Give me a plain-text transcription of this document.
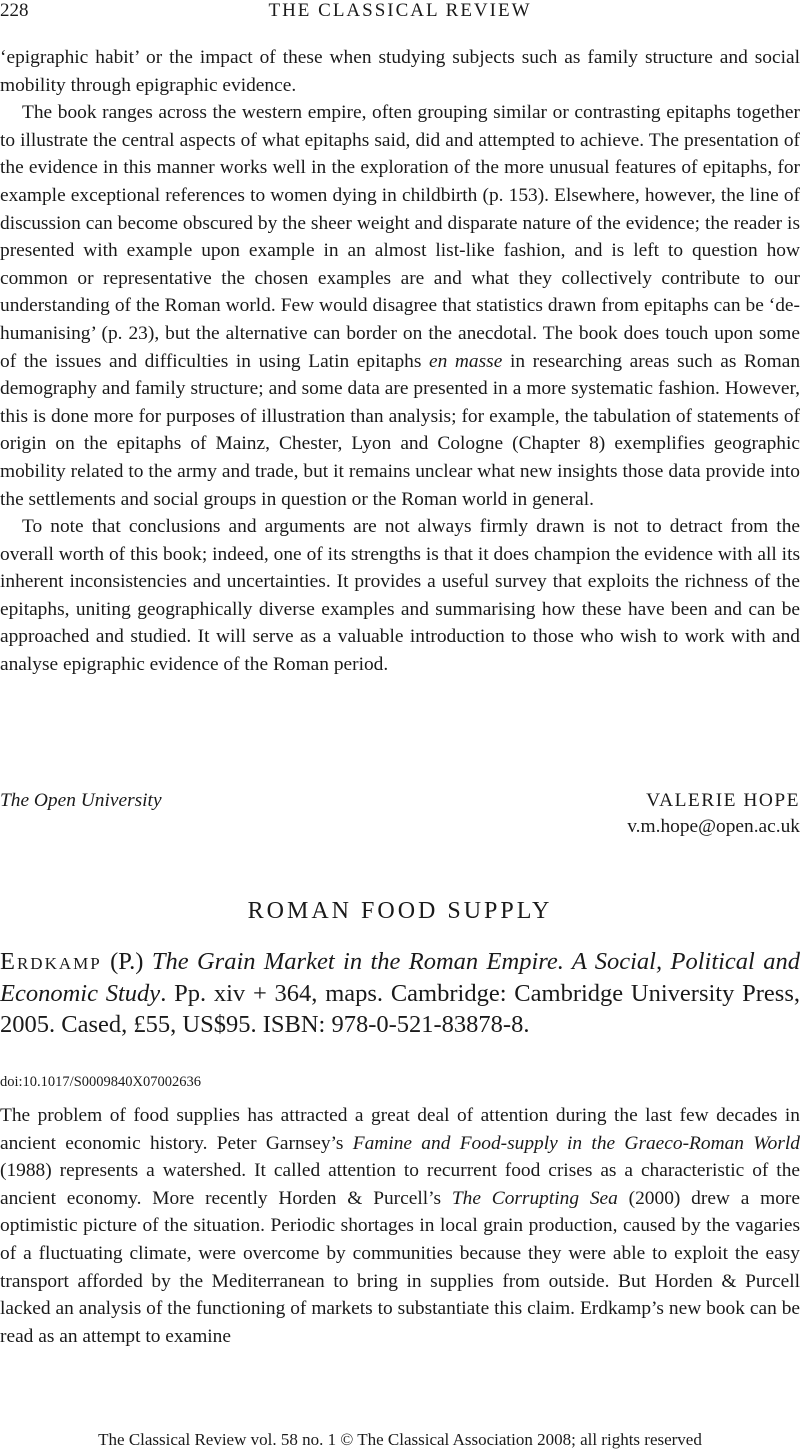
228	THE CLASSICAL REVIEW

‘epigraphic habit’ or the impact of these when studying subjects such as family structure and social mobility through epigraphic evidence.

The book ranges across the western empire, often grouping similar or contrasting epitaphs together to illustrate the central aspects of what epitaphs said, did and attempted to achieve. The presentation of the evidence in this manner works well in the exploration of the more unusual features of epitaphs, for example exceptional references to women dying in childbirth (p. 153). Elsewhere, however, the line of discussion can become obscured by the sheer weight and disparate nature of the evidence; the reader is presented with example upon example in an almost list-like fashion, and is left to question how common or representative the chosen examples are and what they collectively contribute to our understanding of the Roman world. Few would disagree that statistics drawn from epitaphs can be ‘de-humanising’ (p. 23), but the alternative can border on the anecdotal. The book does touch upon some of the issues and difficulties in using Latin epitaphs en masse in researching areas such as Roman demography and family structure; and some data are presented in a more systematic fashion. However, this is done more for purposes of illustration than analysis; for example, the tabulation of statements of origin on the epitaphs of Mainz, Chester, Lyon and Cologne (Chapter 8) exemplifies geographic mobility related to the army and trade, but it remains unclear what new insights those data provide into the settlements and social groups in question or the Roman world in general.

To note that conclusions and arguments are not always firmly drawn is not to detract from the overall worth of this book; indeed, one of its strengths is that it does champion the evidence with all its inherent inconsistencies and uncertainties. It provides a useful survey that exploits the richness of the epitaphs, uniting geographically diverse examples and summarising how these have been and can be approached and studied. It will serve as a valuable introduction to those who wish to work with and analyse epigraphic evidence of the Roman period.

The Open University	VALERIE HOPE
v.m.hope@open.ac.uk
ROMAN FOOD SUPPLY
Erdkamp (P.) The Grain Market in the Roman Empire. A Social, Political and Economic Study. Pp. xiv + 364, maps. Cambridge: Cambridge University Press, 2005. Cased, £55, US$95. ISBN: 978-0-521-83878-8.
doi:10.1017/S0009840X07002636

The problem of food supplies has attracted a great deal of attention during the last few decades in ancient economic history. Peter Garnsey’s Famine and Food-supply in the Graeco-Roman World (1988) represents a watershed. It called attention to recurrent food crises as a characteristic of the ancient economy. More recently Horden & Purcell’s The Corrupting Sea (2000) drew a more optimistic picture of the situation. Periodic shortages in local grain production, caused by the vagaries of a fluctuating climate, were overcome by communities because they were able to exploit the easy transport afforded by the Mediterranean to bring in supplies from outside. But Horden & Purcell lacked an analysis of the functioning of markets to substantiate this claim. Erdkamp’s new book can be read as an attempt to examine

The Classical Review vol. 58 no. 1 © The Classical Association 2008; all rights reserved
